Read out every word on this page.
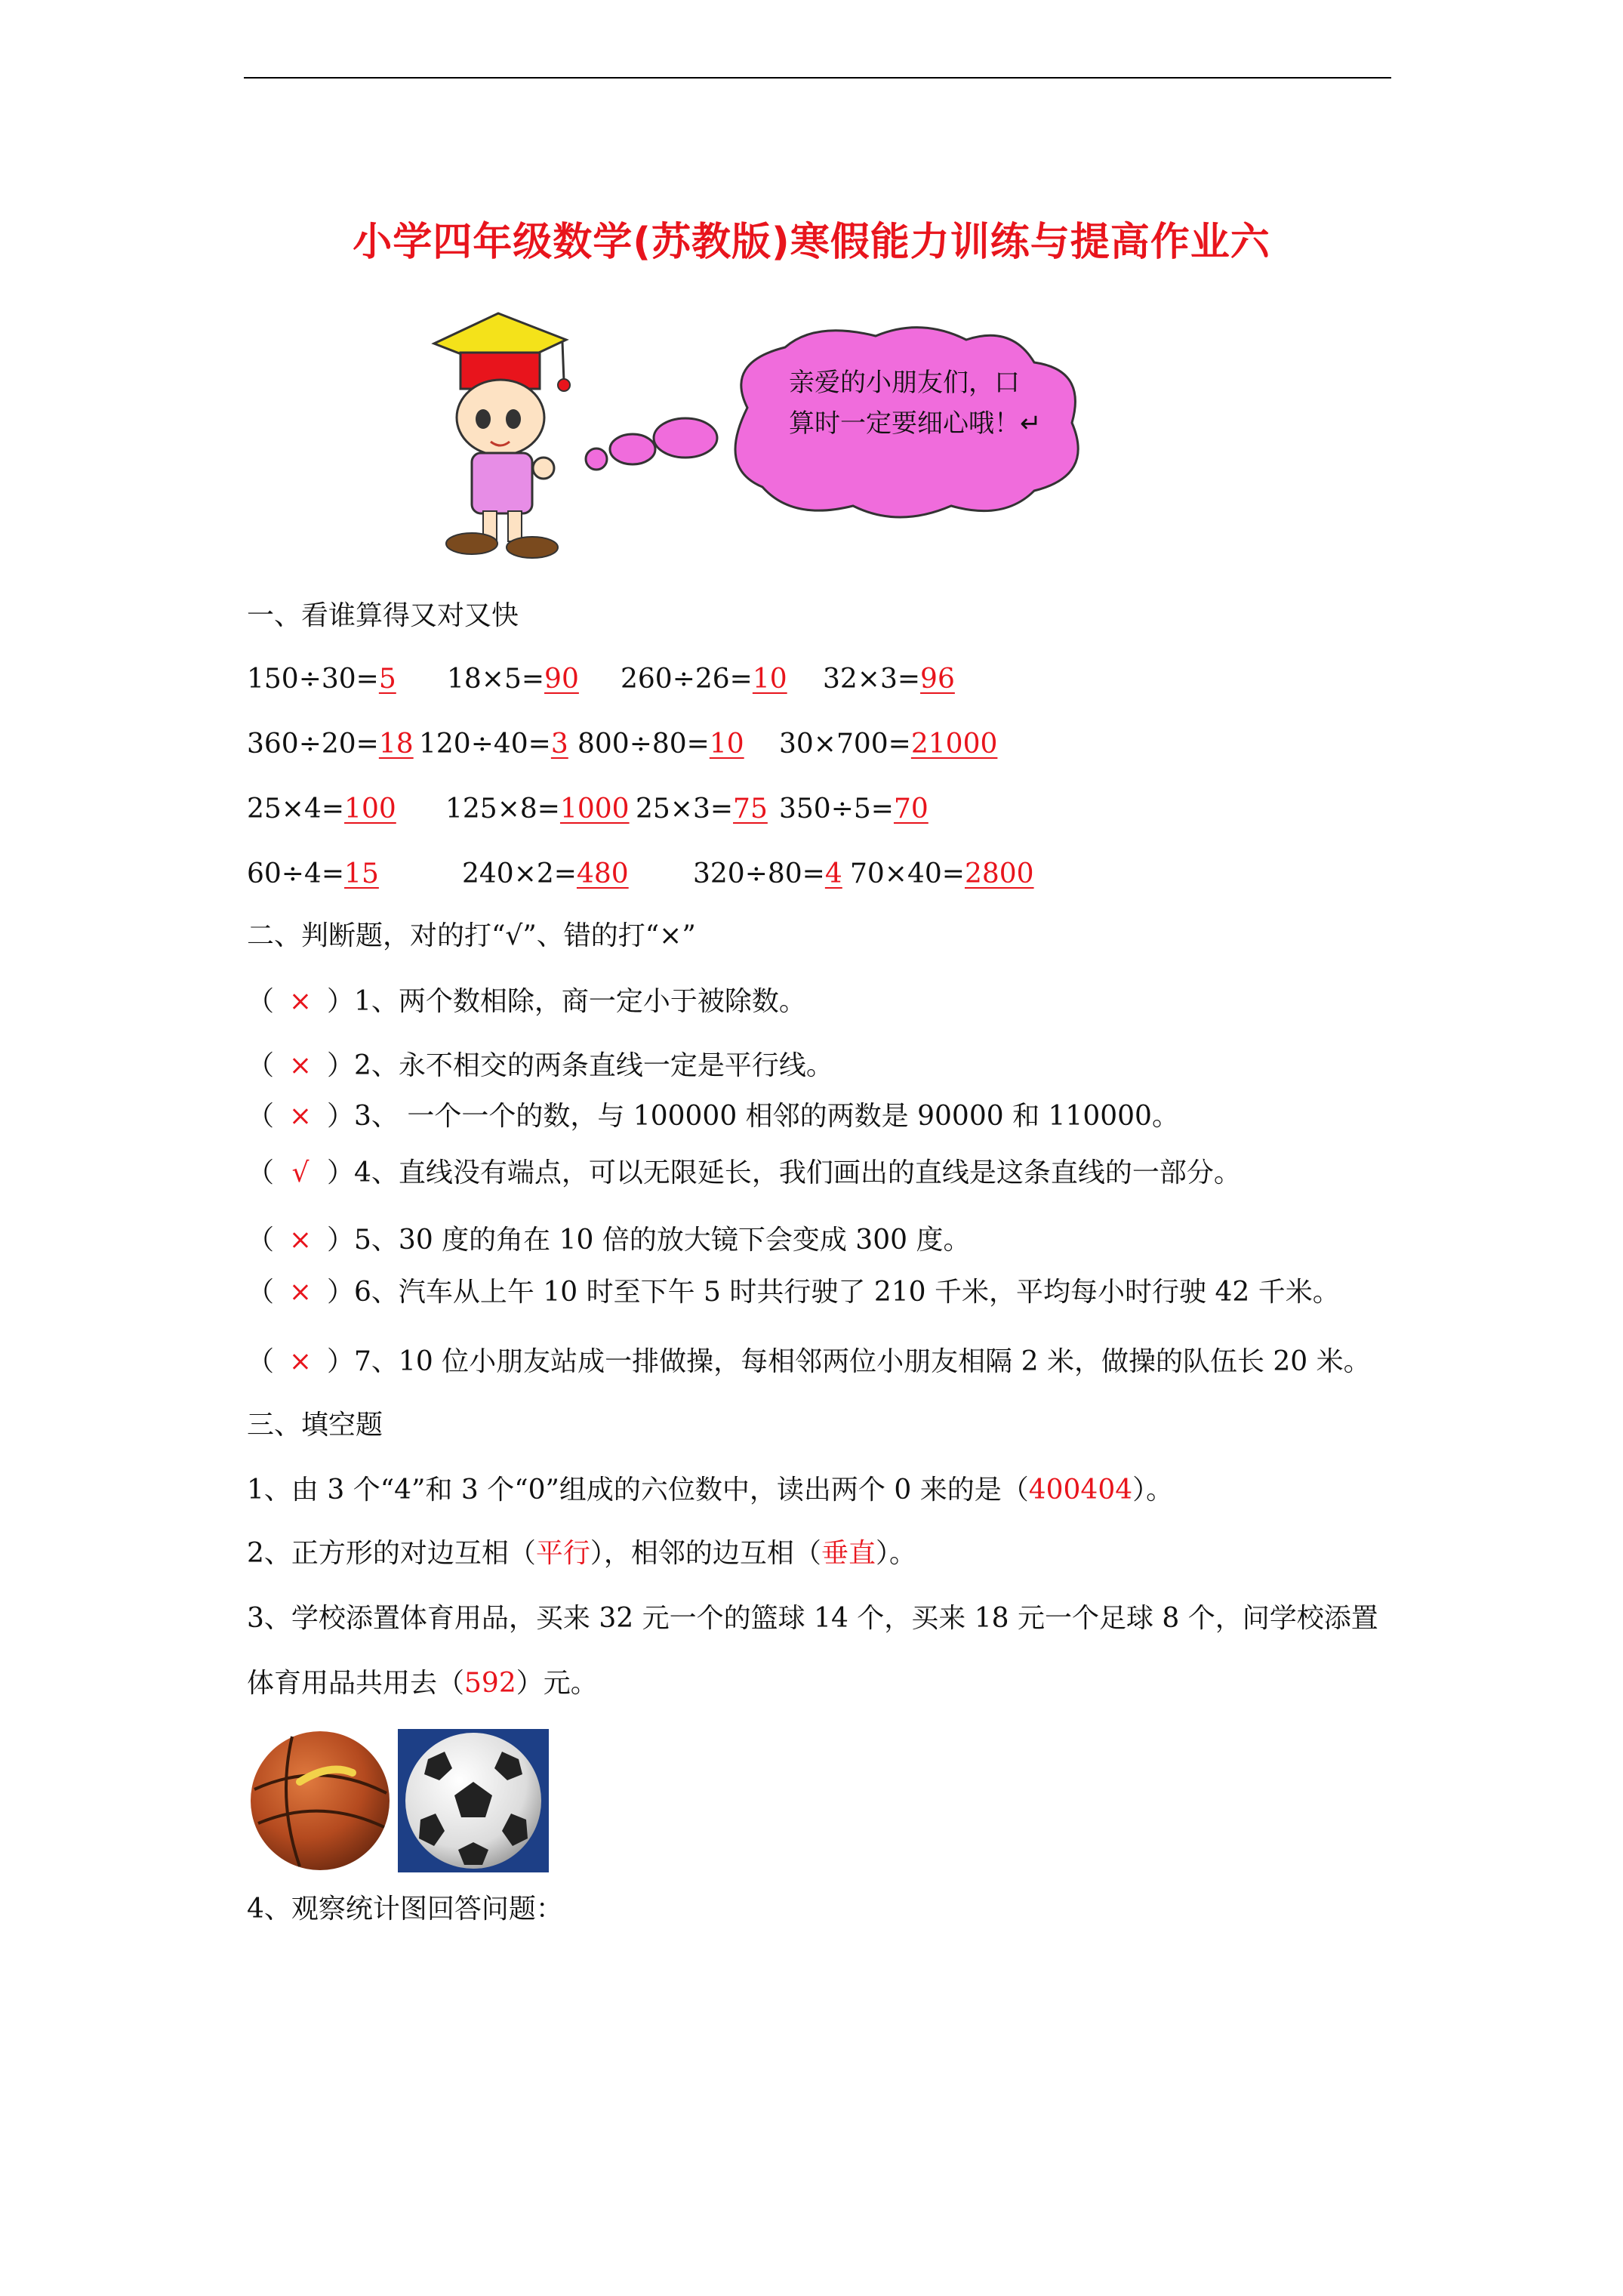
小学四年级数学(苏教版)寒假能力训练与提高作业六
亲爱的小朋友们，口
算时一定要细心哦！↵
一、看谁算得又对又快
150÷30=5 18×5=90 260÷26=10 32×3=96
360÷20=18 120÷40=3 800÷80=10 30×700=21000
25×4=100 125×8=1000 25×3=75 350÷5=70
60÷4=15	240×2=480 320÷80=4 70×40=2800
二、判断题，对的打“√”、错的打“×”
（ × ）1、两个数相除，商一定小于被除数。
（ × ）2、永不相交的两条直线一定是平行线。
（ × ）3、 一个一个的数，与 100000 相邻的两数是 90000 和 110000。
（ √ ）4、直线没有端点，可以无限延长，我们画出的直线是这条直线的一部分。
（ × ）5、30 度的角在 10 倍的放大镜下会变成 300 度。
（ × ）6、汽车从上午 10 时至下午 5 时共行驶了 210 千米，平均每小时行驶 42 千米。
（ × ）7、10 位小朋友站成一排做操，每相邻两位小朋友相隔 2 米，做操的队伍长 20 米。
三、填空题
1、由 3 个“4”和 3 个“0”组成的六位数中，读出两个 0 来的是（400404）。
2、正方形的对边互相（平行），相邻的边互相（垂直）。
3、学校添置体育用品，买来 32 元一个的篮球 14 个，买来 18 元一个足球 8 个，问学校添置
体育用品共用去（592）元。
4、观察统计图回答问题：
